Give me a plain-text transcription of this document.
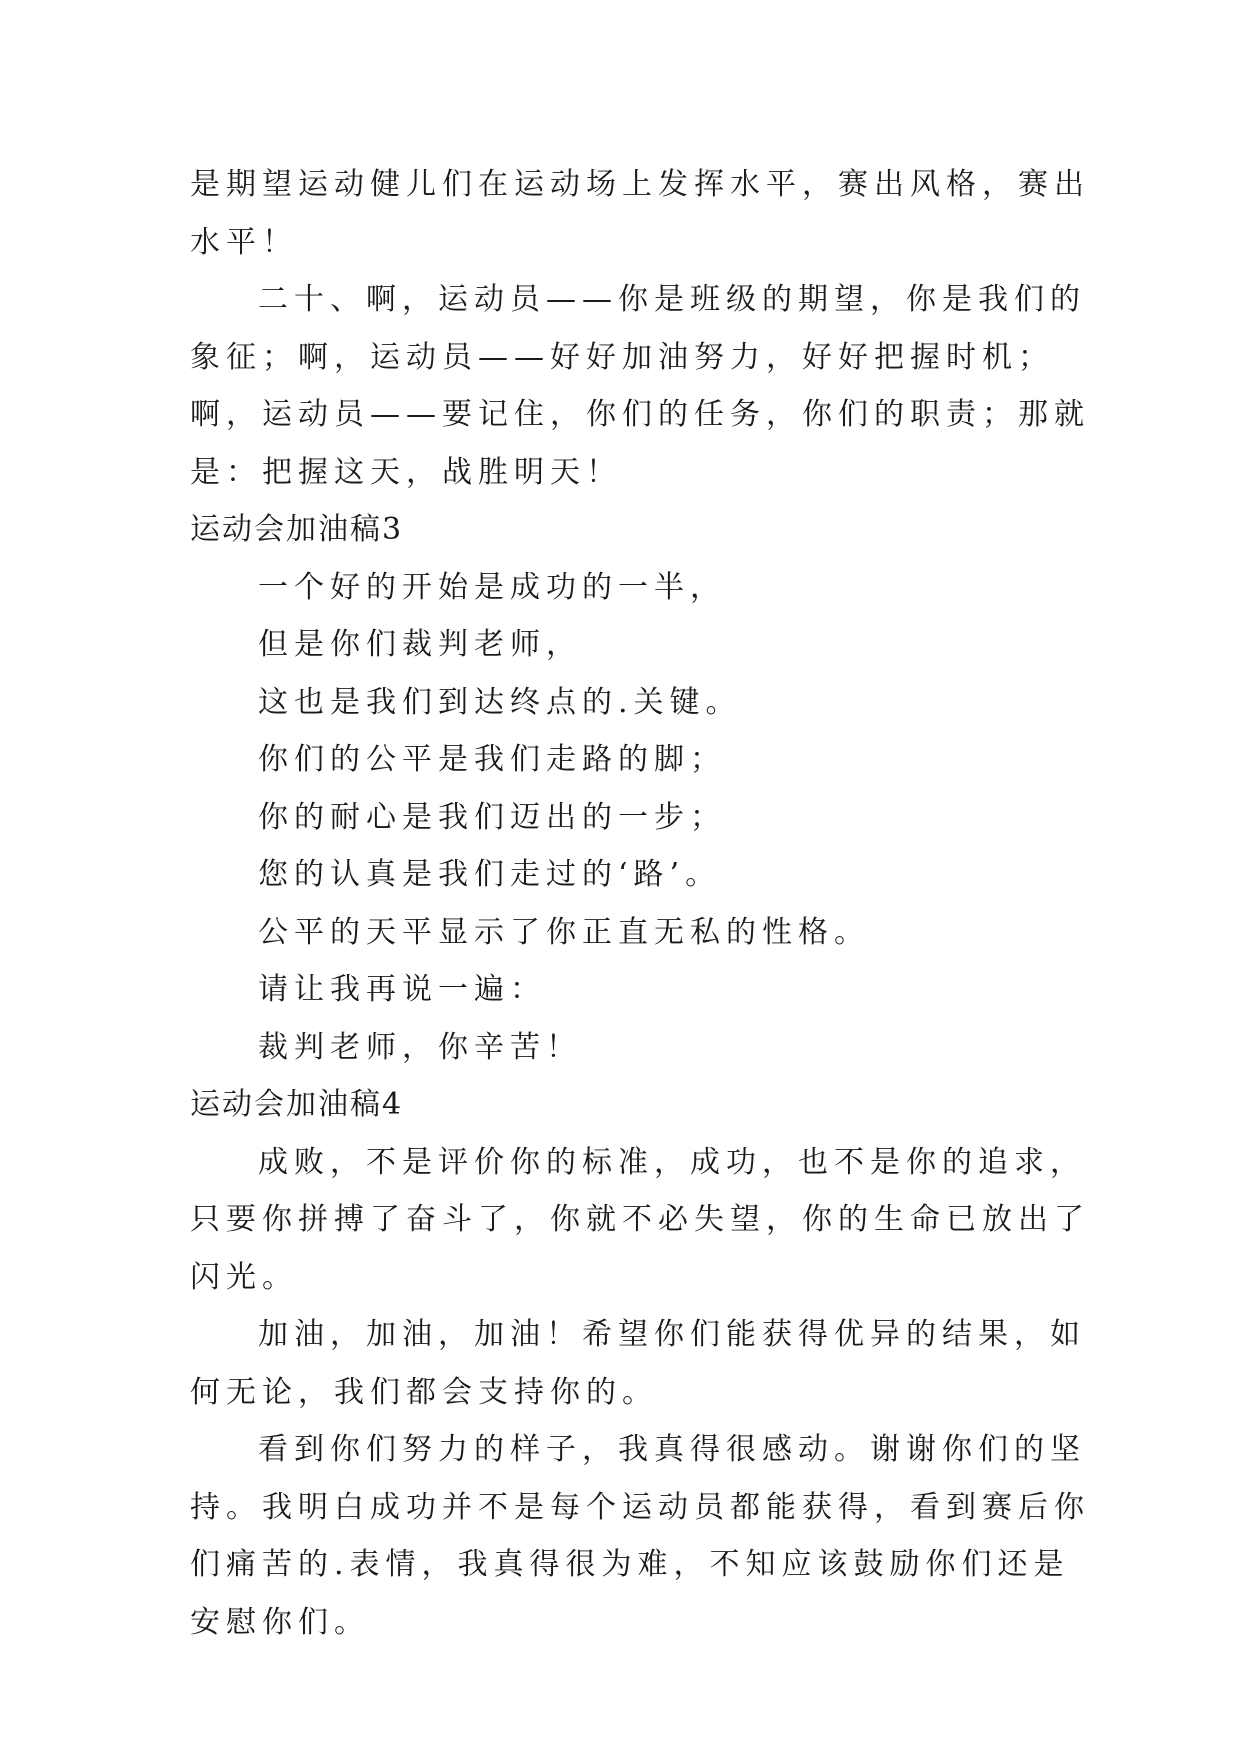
是期望运动健儿们在运动场上发挥水平，赛出风格，赛出水平！

二十、啊，运动员——你是班级的期望，你是我们的象征；啊，运动员——好好加油努力，好好把握时机；啊，运动员——要记住，你们的任务，你们的职责；那就是：把握这天，战胜明天！

运动会加油稿3

一个好的开始是成功的一半，

但是你们裁判老师，

这也是我们到达终点的.关键。

你们的公平是我们走路的脚；

你的耐心是我们迈出的一步；

您的认真是我们走过的‘路’。

公平的天平显示了你正直无私的性格。

请让我再说一遍：

裁判老师，你辛苦！

运动会加油稿4

成败，不是评价你的标准，成功，也不是你的追求，只要你拼搏了奋斗了，你就不必失望，你的生命已放出了闪光。

加油，加油，加油！希望你们能获得优异的结果，如何无论，我们都会支持你的。

看到你们努力的样子，我真得很感动。谢谢你们的坚持。我明白成功并不是每个运动员都能获得，看到赛后你们痛苦的.表情，我真得很为难，不知应该鼓励你们还是安慰你们。
